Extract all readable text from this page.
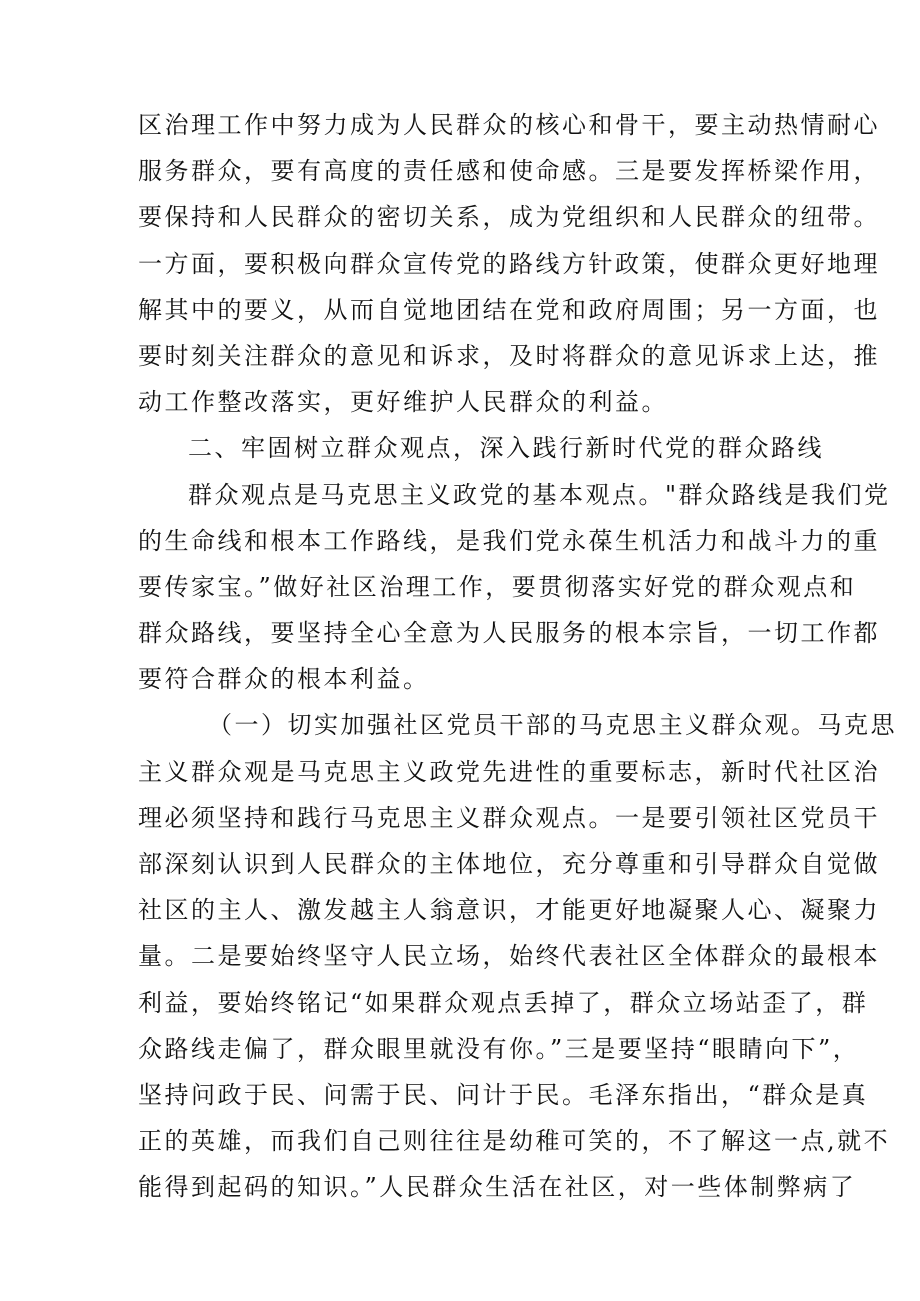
区治理工作中努力成为人民群众的核心和骨干，要主动热情耐心
服务群众，要有高度的责任感和使命感。三是要发挥桥梁作用，
要保持和人民群众的密切关系，成为党组织和人民群众的纽带。
一方面，要积极向群众宣传党的路线方针政策，使群众更好地理
解其中的要义，从而自觉地团结在党和政府周围；另一方面，也
要时刻关注群众的意见和诉求，及时将群众的意见诉求上达，推
动工作整改落实，更好维护人民群众的利益。
二、牢固树立群众观点，深入践行新时代党的群众路线
群众观点是马克思主义政党的基本观点。"群众路线是我们党
的生命线和根本工作路线，是我们党永葆生机活力和战斗力的重
要传家宝。”做好社区治理工作，要贯彻落实好党的群众观点和
群众路线，要坚持全心全意为人民服务的根本宗旨，一切工作都
要符合群众的根本利益。
（一）切实加强社区党员干部的马克思主义群众观。马克思
主义群众观是马克思主义政党先进性的重要标志，新时代社区治
理必须坚持和践行马克思主义群众观点。一是要引领社区党员干
部深刻认识到人民群众的主体地位，充分尊重和引导群众自觉做
社区的主人、激发越主人翁意识，才能更好地凝聚人心、凝聚力
量。二是要始终坚守人民立场，始终代表社区全体群众的最根本
利益，要始终铭记“如果群众观点丢掉了，群众立场站歪了，群
众路线走偏了，群众眼里就没有你。”三是要坚持“眼睛向下”，
坚持问政于民、问需于民、问计于民。毛泽东指出，“群众是真
正的英雄，而我们自己则往往是幼稚可笑的，不了解这一点,就不
能得到起码的知识。”人民群众生活在社区，对一些体制弊病了
